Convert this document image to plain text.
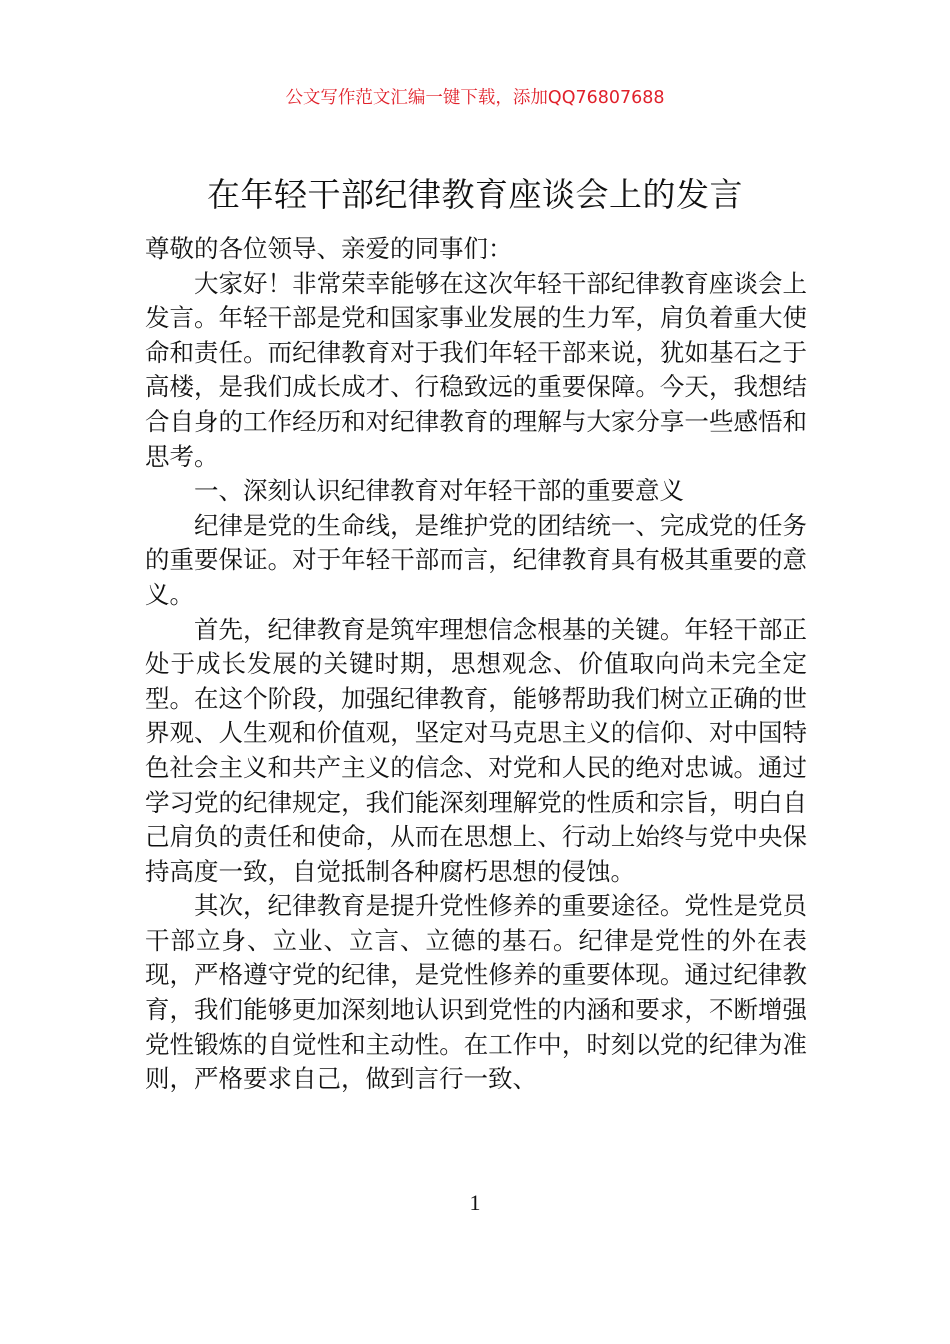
公文写作范文汇编一键下载，添加QQ76807688
在年轻干部纪律教育座谈会上的发言

尊敬的各位领导、亲爱的同事们：

大家好！非常荣幸能够在这次年轻干部纪律教育座谈会上发言。年轻干部是党和国家事业发展的生力军，肩负着重大使命和责任。而纪律教育对于我们年轻干部来说，犹如基石之于高楼，是我们成长成才、行稳致远的重要保障。今天，我想结合自身的工作经历和对纪律教育的理解与大家分享一些感悟和思考。

一、深刻认识纪律教育对年轻干部的重要意义

纪律是党的生命线，是维护党的团结统一、完成党的任务的重要保证。对于年轻干部而言，纪律教育具有极其重要的意义。

首先，纪律教育是筑牢理想信念根基的关键。年轻干部正处于成长发展的关键时期，思想观念、价值取向尚未完全定型。在这个阶段，加强纪律教育，能够帮助我们树立正确的世界观、人生观和价值观，坚定对马克思主义的信仰、对中国特色社会主义和共产主义的信念、对党和人民的绝对忠诚。通过学习党的纪律规定，我们能深刻理解党的性质和宗旨，明白自己肩负的责任和使命，从而在思想上、行动上始终与党中央保持高度一致，自觉抵制各种腐朽思想的侵蚀。

其次，纪律教育是提升党性修养的重要途径。党性是党员干部立身、立业、立言、立德的基石。纪律是党性的外在表现，严格遵守党的纪律，是党性修养的重要体现。通过纪律教育，我们能够更加深刻地认识到党性的内涵和要求，不断增强党性锻炼的自觉性和主动性。在工作中，时刻以党的纪律为准则，严格要求自己，做到言行一致、

1
